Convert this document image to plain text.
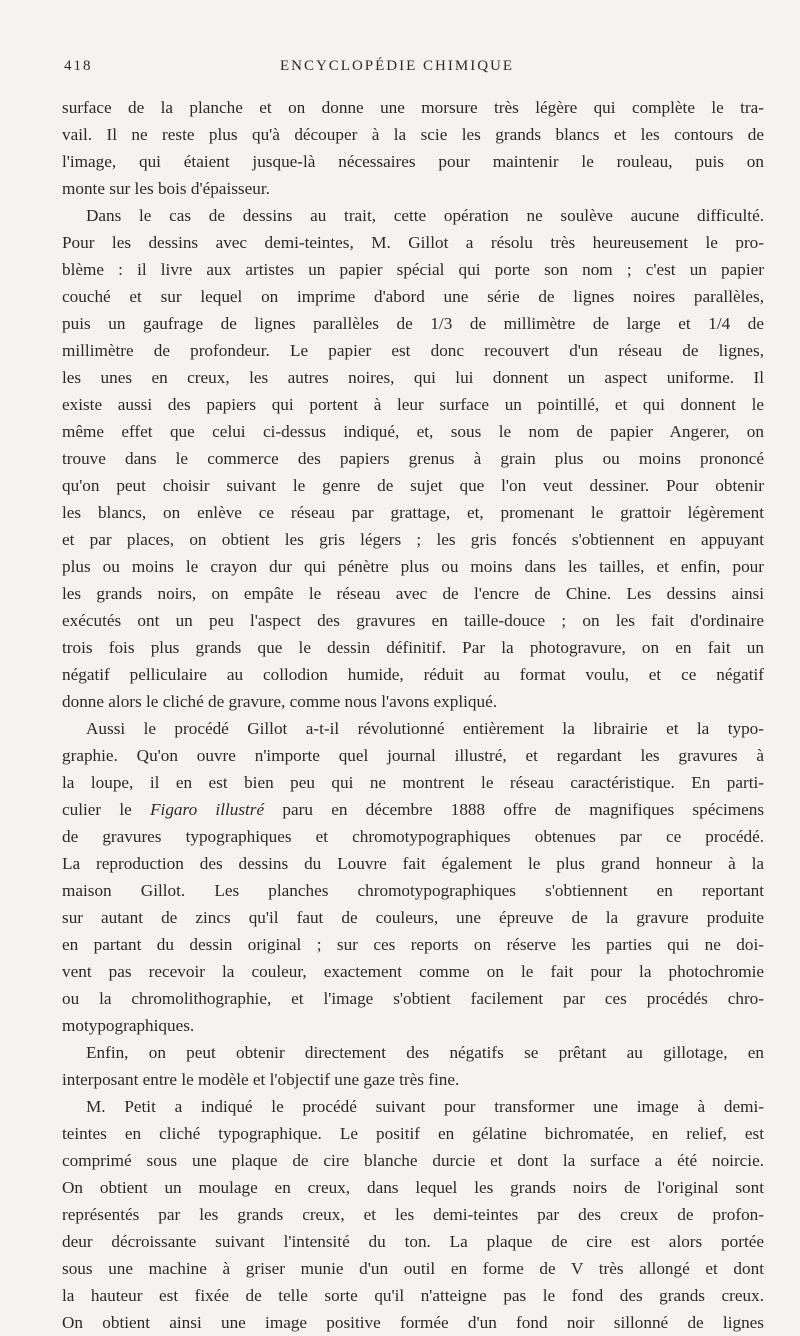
418	ENCYCLOPÉDIE CHIMIQUE

surface de la planche et on donne une morsure très légère qui complète le tra-
vail. Il ne reste plus qu'à découper à la scie les grands blancs et les contours de
l'image, qui étaient jusque-là nécessaires pour maintenir le rouleau, puis on
monte sur les bois d'épaisseur.

Dans le cas de dessins au trait, cette opération ne soulève aucune difficulté.

Pour les dessins avec demi-teintes, M. Gillot a résolu très heureusement le pro-
blème : il livre aux artistes un papier spécial qui porte son nom ; c'est un papier
couché et sur lequel on imprime d'abord une série de lignes noires parallèles,
puis un gaufrage de lignes parallèles de 1/3 de millimètre de large et 1/4 de
millimètre de profondeur. Le papier est donc recouvert d'un réseau de lignes,
les unes en creux, les autres noires, qui lui donnent un aspect uniforme. Il
existe aussi des papiers qui portent à leur surface un pointillé, et qui donnent le
même effet que celui ci-dessus indiqué, et, sous le nom de papier Angerer, on
trouve dans le commerce des papiers grenus à grain plus ou moins prononcé
qu'on peut choisir suivant le genre de sujet que l'on veut dessiner. Pour obtenir
les blancs, on enlève ce réseau par grattage, et, promenant le grattoir légèrement
et par places, on obtient les gris légers ; les gris foncés s'obtiennent en appuyant
plus ou moins le crayon dur qui pénètre plus ou moins dans les tailles, et enfin, pour
les grands noirs, on empâte le réseau avec de l'encre de Chine. Les dessins ainsi
exécutés ont un peu l'aspect des gravures en taille-douce ; on les fait d'ordinaire
trois fois plus grands que le dessin définitif. Par la photogravure, on en fait un
négatif pelliculaire au collodion humide, réduit au format voulu, et ce négatif
donne alors le cliché de gravure, comme nous l'avons expliqué.

Aussi le procédé Gillot a-t-il révolutionné entièrement la librairie et la typo-

graphie. Qu'on ouvre n'importe quel journal illustré, et regardant les gravures à
la loupe, il en est bien peu qui ne montrent le réseau caractéristique. En parti-
culier le Figaro illustré paru en décembre 1888 offre de magnifiques spécimens
de gravures typographiques et chromotypographiques obtenues par ce procédé.
La reproduction des dessins du Louvre fait également le plus grand honneur à la
maison Gillot. Les planches chromotypographiques s'obtiennent en reportant
sur autant de zincs qu'il faut de couleurs, une épreuve de la gravure produite
en partant du dessin original ; sur ces reports on réserve les parties qui ne doi-
vent pas recevoir la couleur, exactement comme on le fait pour la photochromie
ou la chromolithographie, et l'image s'obtient facilement par ces procédés chro-
motypographiques.

Enfin, on peut obtenir directement des négatifs se prêtant au gillotage, en

interposant entre le modèle et l'objectif une gaze très fine.

M. Petit a indiqué le procédé suivant pour transformer une image à demi-

teintes en cliché typographique. Le positif en gélatine bichromatée, en relief, est
comprimé sous une plaque de cire blanche durcie et dont la surface a été noircie.
On obtient un moulage en creux, dans lequel les grands noirs de l'original sont
représentés par les grands creux, et les demi-teintes par des creux de profon-
deur décroissante suivant l'intensité du ton. La plaque de cire est alors portée
sous une machine à griser munie d'un outil en forme de V très allongé et dont
la hauteur est fixée de telle sorte qu'il n'atteigne pas le fond des grands creux.
On obtient ainsi une image positive formée d'un fond noir sillonné de lignes
